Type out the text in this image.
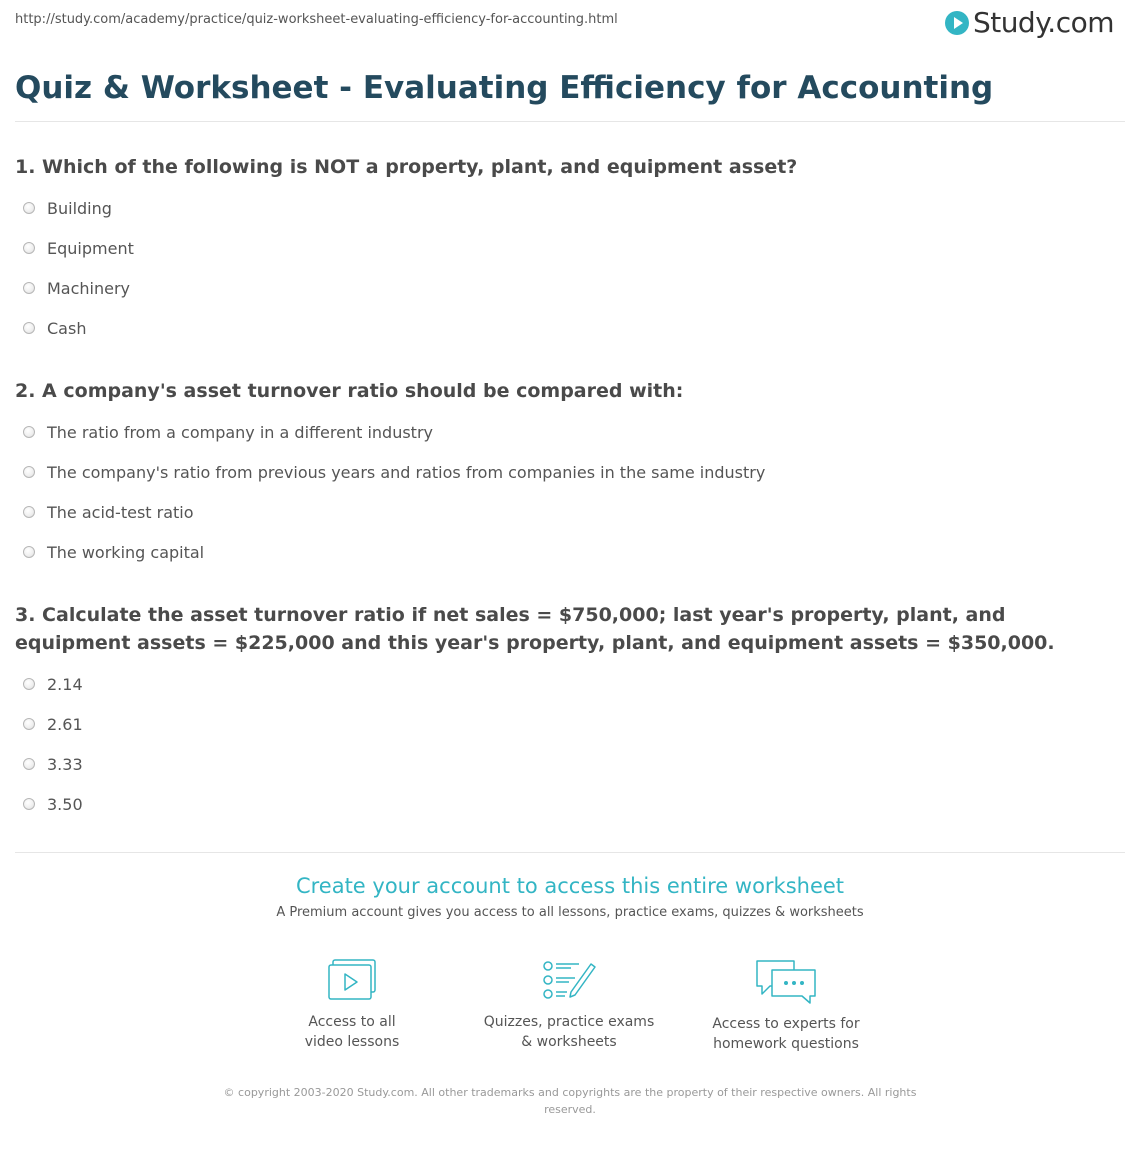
http://study.com/academy/practice/quiz-worksheet-evaluating-efficiency-for-accounting.html	Study.com
Quiz & Worksheet - Evaluating Efficiency for Accounting
1. Which of the following is NOT a property, plant, and equipment asset?
Building
Equipment
Machinery
Cash
2. A company's asset turnover ratio should be compared with:
The ratio from a company in a different industry
The company's ratio from previous years and ratios from companies in the same industry
The acid-test ratio
The working capital
3. Calculate the asset turnover ratio if net sales = $750,000; last year's property, plant, and equipment assets = $225,000 and this year's property, plant, and equipment assets = $350,000.
2.14
2.61
3.33
3.50
Create your account to access this entire worksheet
A Premium account gives you access to all lessons, practice exams, quizzes & worksheets
Access to all
video lessons
Quizzes, practice exams
& worksheets
Access to experts for
homework questions
© copyright 2003-2020 Study.com. All other trademarks and copyrights are the property of their respective owners. All rights reserved.
